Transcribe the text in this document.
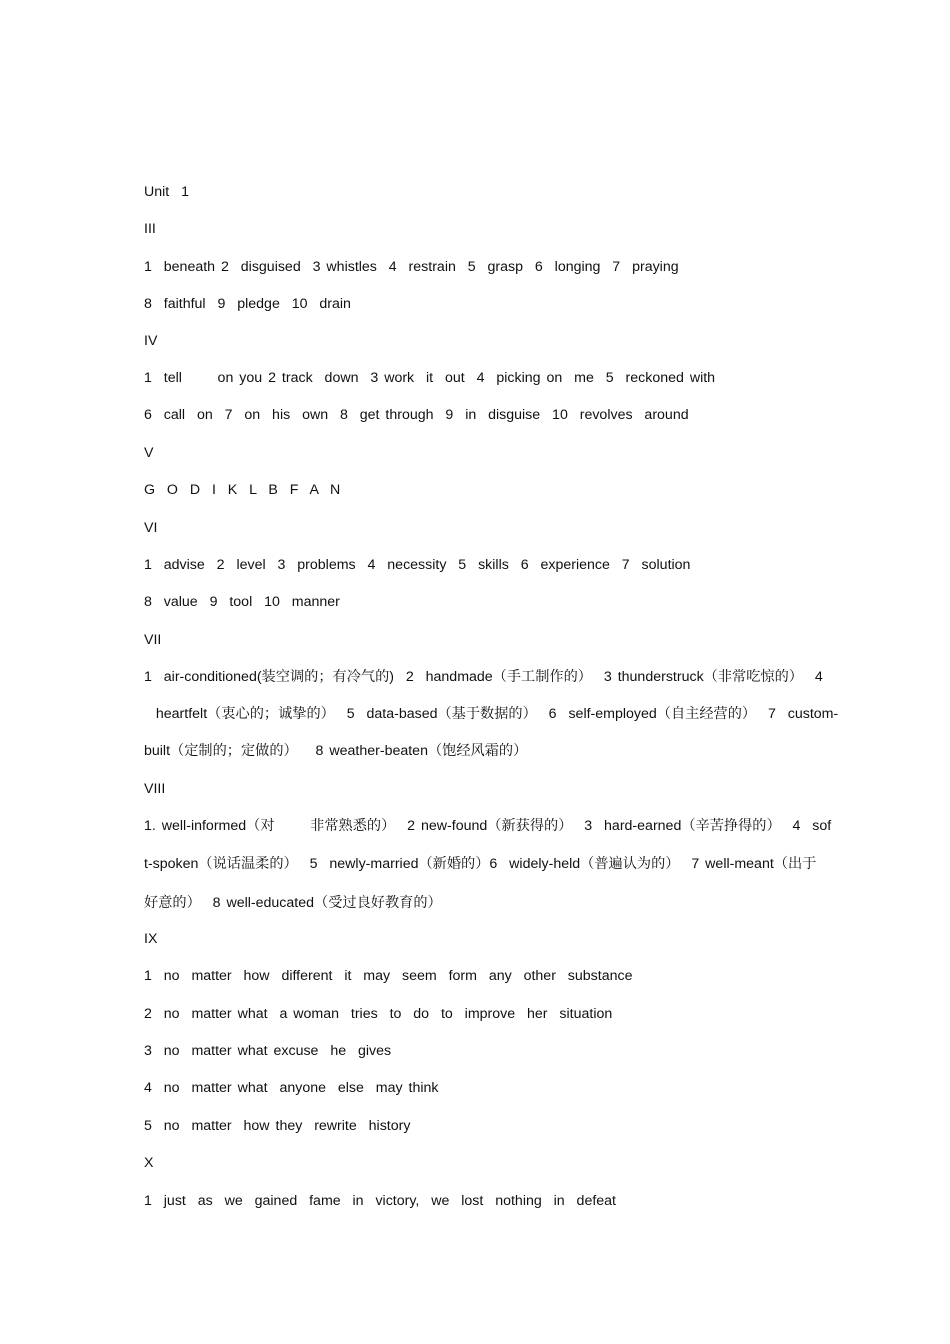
Unit  1
III
1  beneath 2  disguised  3 whistles  4  restrain  5  grasp  6  longing  7  praying
8  faithful  9  pledge  10  drain
IV
1  tell      on you 2 track  down  3 work  it  out  4  picking on  me  5  reckoned with
6  call  on  7  on  his  own  8  get through  9  in  disguise  10  revolves  around
V
G  O  D  I  K  L  B  F  A  N
VI
1  advise  2  level  3  problems  4  necessity  5  skills  6  experience  7  solution
8  value  9  tool  10  manner
VII
1  air-conditioned(装空调的；有冷气的)  2  handmade（手工制作的）  3 thunderstruck（非常吃惊的）  4
heartfelt（衷心的；诚挚的）  5  data-based（基于数据的）  6  self-employed（自主经营的）  7  custom-
built（定制的；定做的）   8 weather-beaten（饱经风霜的）
VIII
1. well-informed（对      非常熟悉的）  2 new-found（新获得的）  3  hard-earned（辛苦挣得的）  4  sof
t-spoken（说话温柔的）  5  newly-married（新婚的）6  widely-held（普遍认为的）  7 well-meant（出于
好意的）  8 well-educated（受过良好教育的）
IX
1  no  matter  how  different  it  may  seem  form  any  other  substance
2  no  matter what  a woman  tries  to  do  to  improve  her  situation
3  no  matter what excuse  he  gives
4  no  matter what  anyone  else  may think
5  no  matter  how they  rewrite  history
X
1  just  as  we  gained  fame  in  victory,  we  lost  nothing  in  defeat
